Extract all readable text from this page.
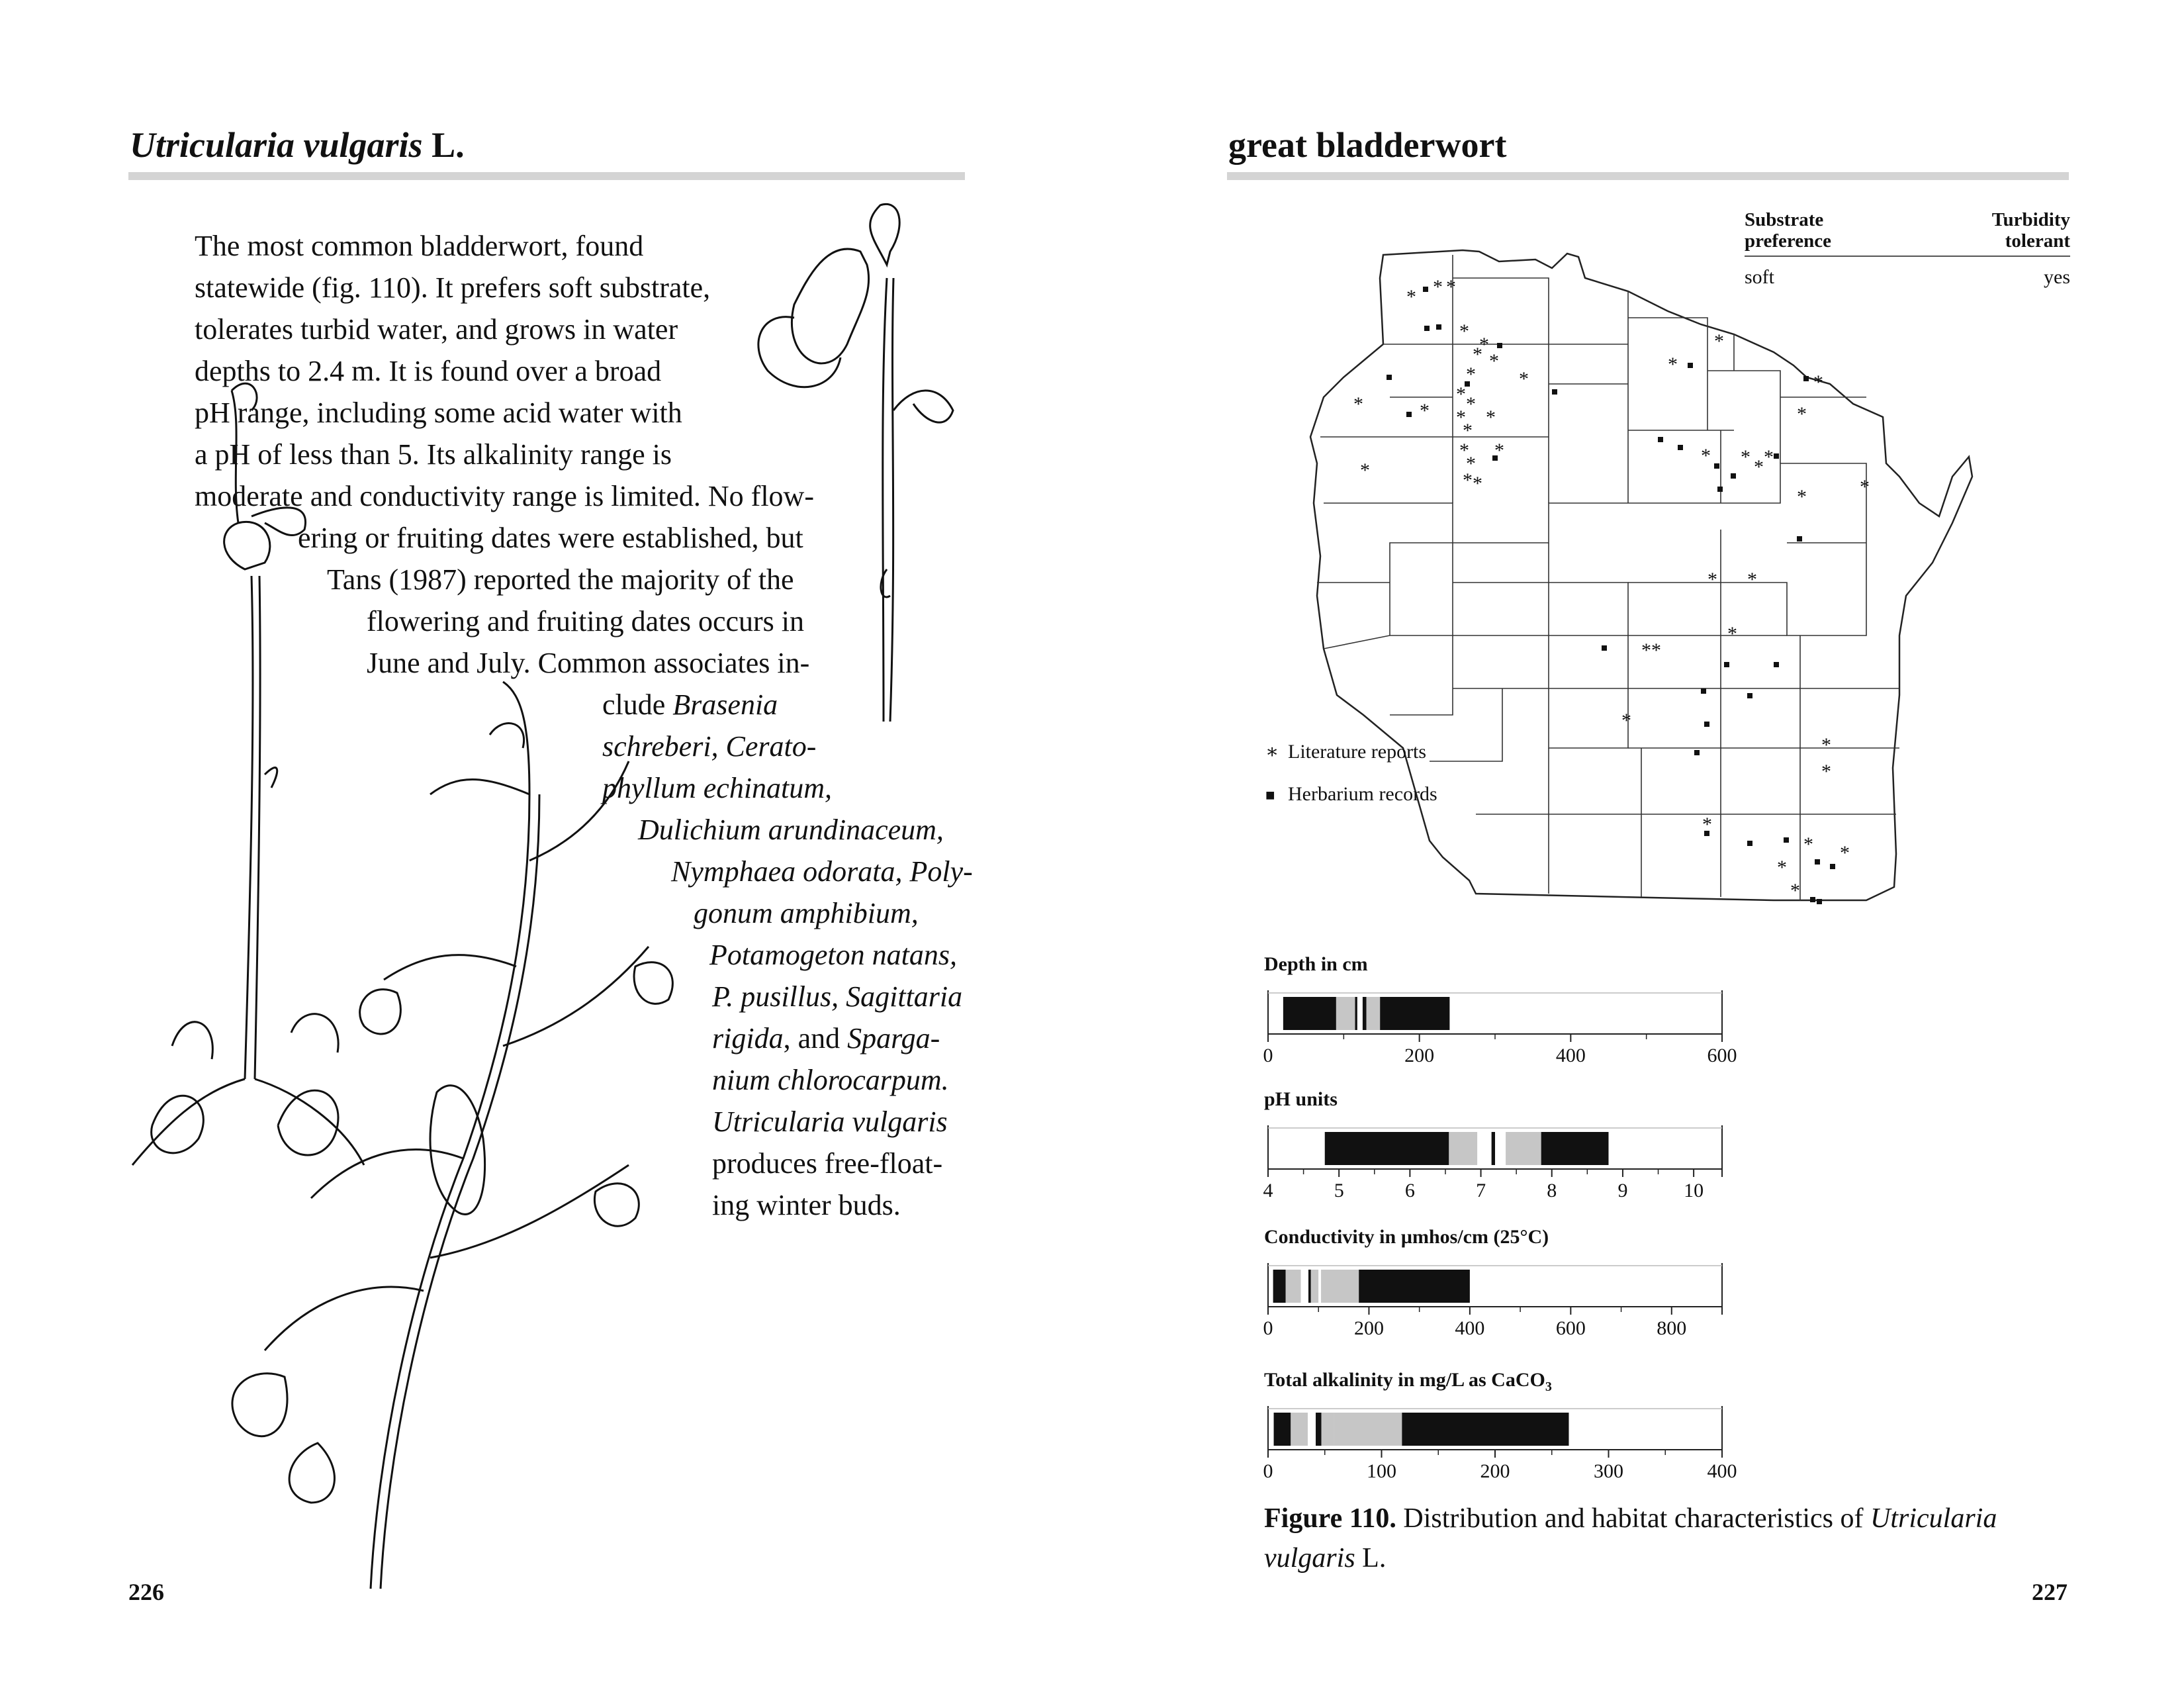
Utricularia vulgaris L.
The most common bladderwort, found
statewide (fig. 110). It prefers soft substrate,
tolerates turbid water, and grows in water
depths to 2.4 m. It is found over a broad
pH range, including some acid water with
a pH of less than 5. Its alkalinity range is
moderate and conductivity range is limited. No flow-
ering or fruiting dates were established, but
Tans (1987) reported the majority of the
flowering and fruiting dates occurs in
June and July. Common associates in-
clude Brasenia
schreberi, Cerato-
phyllum echinatum,
Dulichium arundinaceum,
Nymphaea odorata, Poly-
gonum amphibium,
Potamogeton natans,
P. pusillus, Sagittaria
rigida, and Sparga-
nium chlorocarpum.
Utricularia vulgaris
produces free-float-
ing winter buds.
226
great bladderwort
Substrate
preference
Turbidity
tolerant
soft	yes
* * *
*
*
* *
*
* *
*
*
*
*
* *
*
*
*
*
*
*
*
*
* * *
*
*	*
*
*
* *
* *
*
*
*
*
*
* *
*
*
∗ Literature reports
■ Herbarium records
Depth in cm
0	200	400	600
pH units
4	5	6	7	8	9	10
Conductivity in µmhos/cm (25°C)
0	200	400	600	800
Total alkalinity in mg/L as CaCO$_3$
0	100	200	300	400
Figure 110. Distribution and habitat characteristics of Utricularia
vulgaris L.
227
